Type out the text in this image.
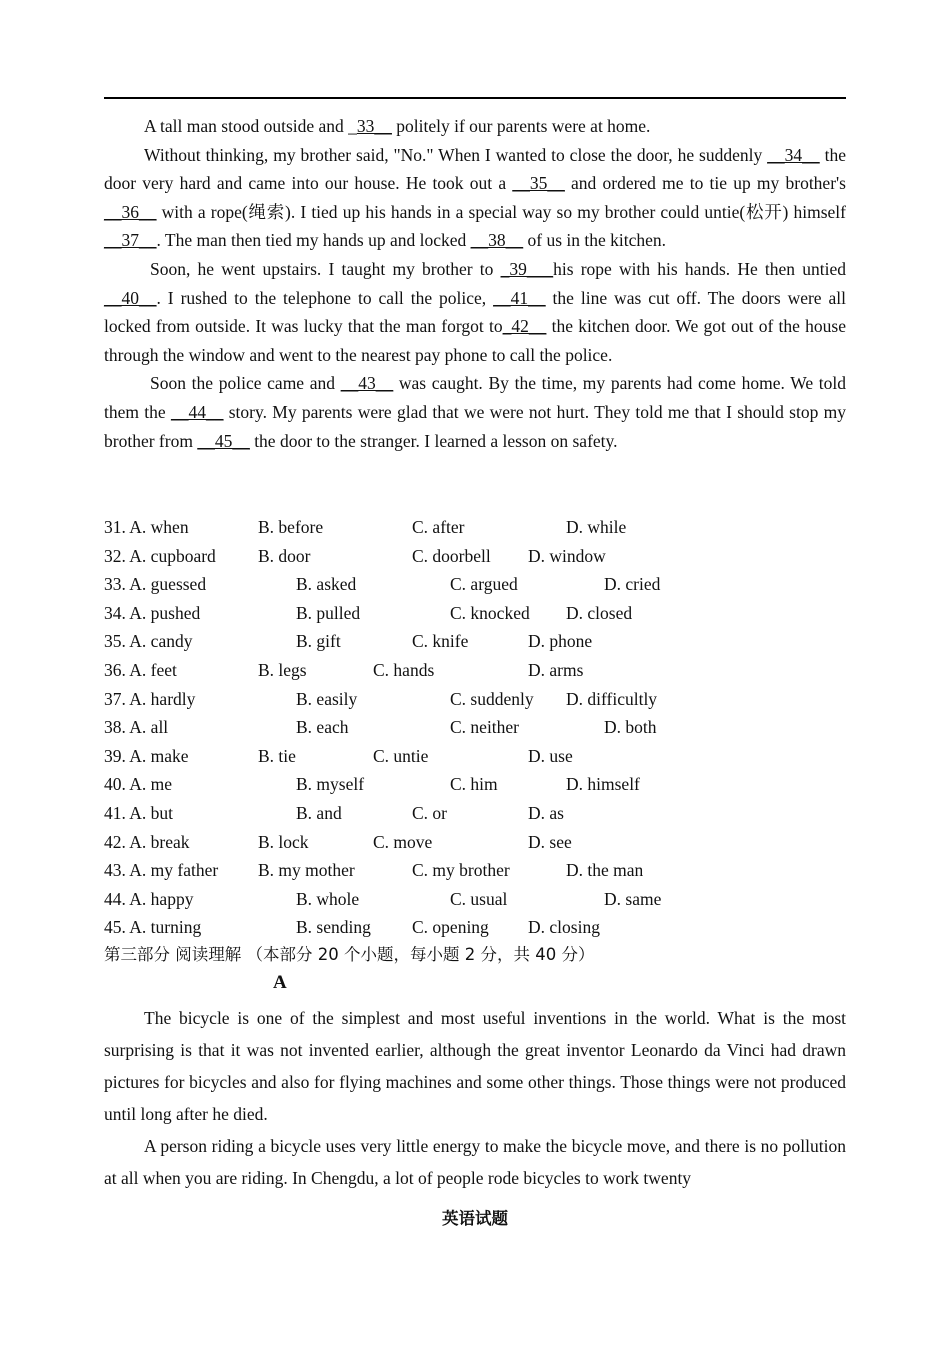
A tall man stood outside and _33__ politely if our parents were at home.

Without thinking, my brother said, "No." When I wanted to close the door, he suddenly __34__ the door very hard and came into our house. He took out a __35__ and ordered me to tie up my brother's __36__ with a rope(绳索). I tied up his hands in a special way so my brother could untie(松开) himself __37__. The man then tied my hands up and locked __38__ of us in the kitchen.

Soon, he went upstairs. I taught my brother to _39___his rope with his hands. He then untied __40__. I rushed to the telephone to call the police, __41__ the line was cut off. The doors were all locked from outside. It was lucky that the man forgot to_42__ the kitchen door. We got out of the house through the window and went to the nearest pay phone to call the police.

Soon the police came and __43__ was caught. By the time, my parents had come home. We told them the __44__ story. My parents were glad that we were not hurt. They told me that I should stop my brother from __45__ the door to the stranger. I learned a lesson on safety.

31. A. when	B. before	C. after	D. while
32. A. cupboard B. door	C. doorbell D. window
33. A. guessed	B. asked	C. argued	D. cried
34. A. pushed	B. pulled	C. knocked D. closed
35. A. candy	B. gift	C. knife	D. phone
36. A. feet	B. legs	C. hands	D. arms
37. A. hardly	B. easily	C. suddenly D. difficultly
38. A. all	B. each	C. neither	D. both
39. A. make	B. tie	C. untie	D. use
40. A. me	B. myself	C. him	D. himself
41. A. but	B. and	C. or	D. as
42. A. break	B. lock	C. move	D. see
43. A. my father B. my mother	C. my brother	D. the man
44. A. happy	B. whole	C. usual	D. same
45. A. turning	B. sending C. opening D. closing
第三部分 阅读理解 （本部分 20 个小题，每小题 2 分，共 40 分）
A

The bicycle is one of the simplest and most useful inventions in the world. What is the most surprising is that it was not invented earlier, although the great inventor Leonardo da Vinci had drawn pictures for bicycles and also for flying machines and some other things. Those things were not produced until long after he died.

A person riding a bicycle uses very little energy to make the bicycle move, and there is no pollution at all when you are riding. In Chengdu, a lot of people rode bicycles to work twenty

英语试题
